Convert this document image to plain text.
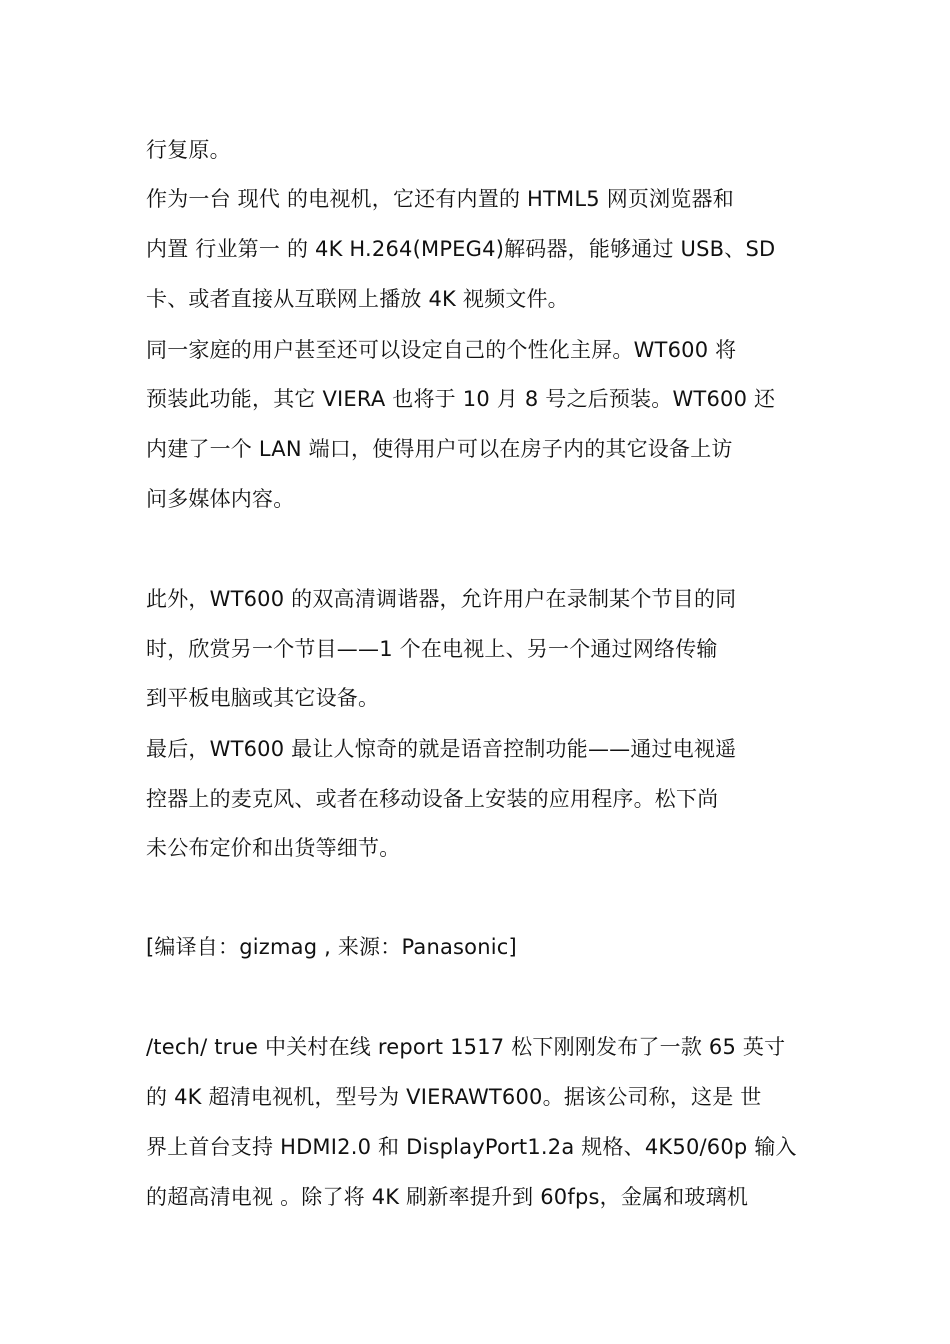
行复原。
作为一台 现代 的电视机，它还有内置的 HTML5 网页浏览器和
内置 行业第一 的 4K H.264(MPEG4)解码器，能够通过 USB、SD
卡、或者直接从互联网上播放 4K 视频文件。
同一家庭的用户甚至还可以设定自己的个性化主屏。WT600 将
预装此功能，其它 VIERA 也将于 10 月 8 号之后预装。WT600 还
内建了一个 LAN 端口，使得用户可以在房子内的其它设备上访
问多媒体内容。
此外，WT600 的双高清调谐器，允许用户在录制某个节目的同
时，欣赏另一个节目——1 个在电视上、另一个通过网络传输
到平板电脑或其它设备。
最后，WT600 最让人惊奇的就是语音控制功能——通过电视遥
控器上的麦克风、或者在移动设备上安装的应用程序。松下尚
未公布定价和出货等细节。
[编译自：gizmag , 来源：Panasonic]
/tech/ true 中关村在线 report 1517 松下刚刚发布了一款 65 英寸
的 4K 超清电视机，型号为 VIERAWT600。据该公司称，这是 世
界上首台支持 HDMI2.0 和 DisplayPort1.2a 规格、4K50/60p 输入
的超高清电视 。除了将 4K 刷新率提升到 60fps，金属和玻璃机
